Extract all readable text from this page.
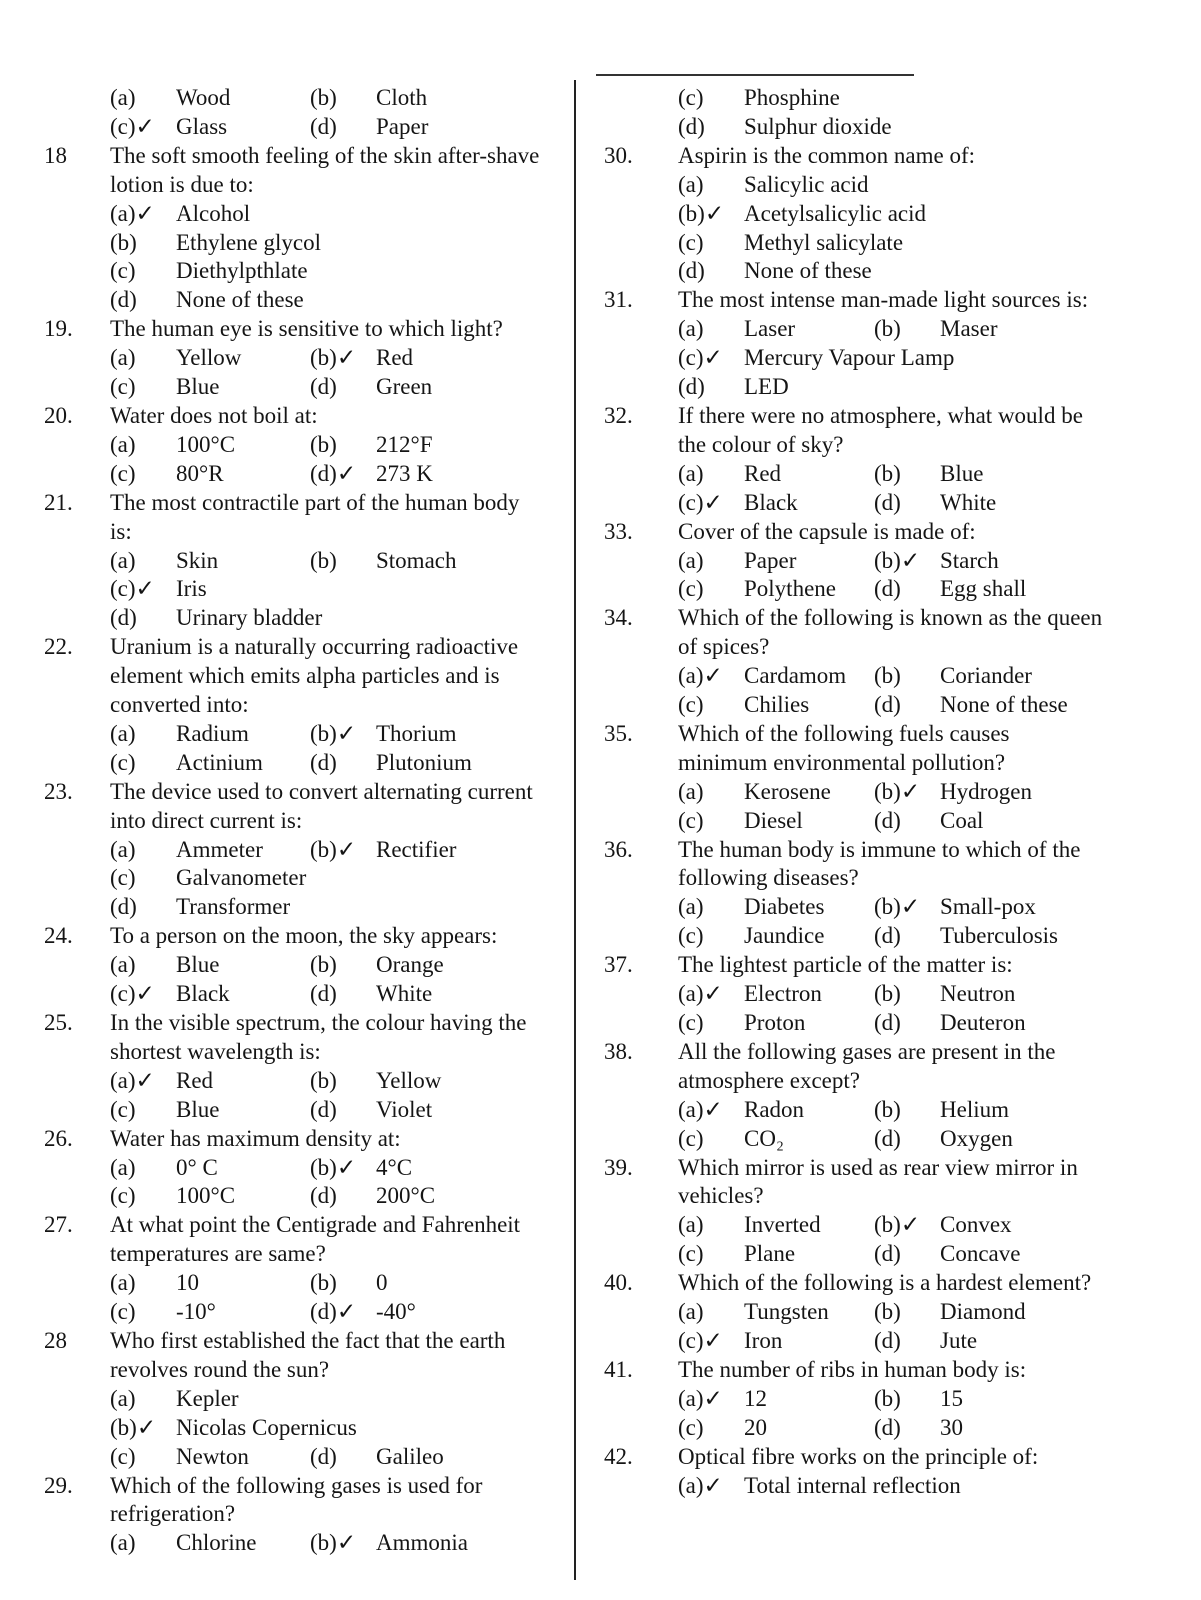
(a)	Wood	(b)	Cloth
(c)✓ Glass	(d)	Paper
18 The soft smooth feeling of the skin after-shave lotion is due to:
(a)✓ Alcohol
(b)	Ethylene glycol
(c)	Diethylpthlate
(d)	None of these
19. The human eye is sensitive to which light?
(a)	Yellow	(b)✓ Red
(c)	Blue	(d)	Green
20. Water does not boil at:
(a)	100°C	(b)	212°F
(c)	80°R	(d)✓ 273 K
21. The most contractile part of the human body is:
(a)	Skin	(b)	Stomach
(c)✓ Iris
(d)	Urinary bladder
22. Uranium is a naturally occurring radioactive element which emits alpha particles and is converted into:
(a)	Radium	(b)✓ Thorium
(c)	Actinium (d)	Plutonium
23. The device used to convert alternating current into direct current is:
(a)	Ammeter (b)✓ Rectifier
(c)	Galvanometer
(d)	Transformer
24. To a person on the moon, the sky appears:
(a)	Blue	(b)	Orange
(c)✓ Black	(d)	White
25. In the visible spectrum, the colour having the shortest wavelength is:
(a)✓ Red	(b)	Yellow
(c)	Blue	(d)	Violet
26. Water has maximum density at:
(a)	0° C	(b)✓ 4°C
(c)	100°C	(d)	200°C
27. At what point the Centigrade and Fahrenheit temperatures are same?
(a)	10	(b)	0
(c)	-10°	(d)✓ -40°
28 Who first established the fact that the earth revolves round the sun?
(a)	Kepler
(b)✓ Nicolas Copernicus
(c)	Newton	(d)	Galileo
29. Which of the following gases is used for refrigeration?
(a)	Chlorine (b)✓ Ammonia
(c)	Phosphine
(d)	Sulphur dioxide
30. Aspirin is the common name of:
(a)	Salicylic acid
(b)✓ Acetylsalicylic acid
(c)	Methyl salicylate
(d)	None of these
31. The most intense man-made light sources is:
(a)	Laser	(b)	Maser
(c)✓ Mercury Vapour Lamp
(d)	LED
32. If there were no atmosphere, what would be the colour of sky?
(a)	Red	(b)	Blue
(c)✓ Black	(d)	White
33. Cover of the capsule is made of:
(a)	Paper	(b)✓ Starch
(c)	Polythene (d)	Egg shall
34. Which of the following is known as the queen of spices?
(a)✓ Cardamom (b)	Coriander
(c)	Chilies	(d)	None of these
35. Which of the following fuels causes minimum environmental pollution?
(a)	Kerosene (b)✓ Hydrogen
(c)	Diesel	(d)	Coal
36. The human body is immune to which of the following diseases?
(a)	Diabetes (b)✓ Small-pox
(c)	Jaundice (d)	Tuberculosis
37. The lightest particle of the matter is:
(a)✓ Electron (b)	Neutron
(c)	Proton	(d)	Deuteron
38. All the following gases are present in the atmosphere except?
(a)✓ Radon	(b)	Helium
(c)	CO₂	(d)	Oxygen
39. Which mirror is used as rear view mirror in vehicles?
(a)	Inverted (b)✓ Convex
(c)	Plane	(d)	Concave
40. Which of the following is a hardest element?
(a)	Tungsten (b)	Diamond
(c)✓ Iron	(d)	Jute
41. The number of ribs in human body is:
(a)✓ 12	(b)	15
(c)	20	(d)	30
42. Optical fibre works on the principle of:
(a)✓ Total internal reflection
